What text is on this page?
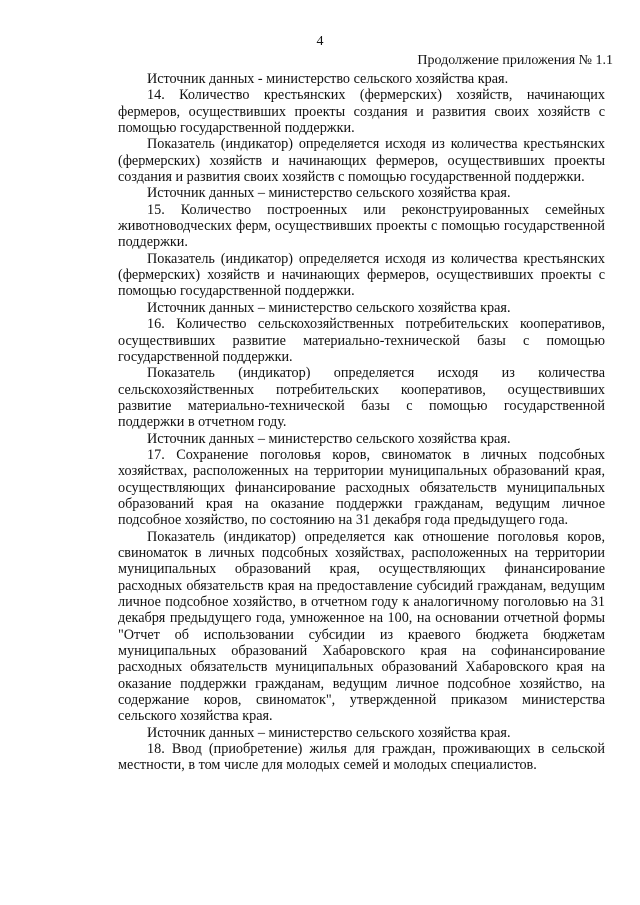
4
Продолжение приложения № 1.1

Источник данных - министерство сельского хозяйства края.

14. Количество крестьянских (фермерских) хозяйств, начинающих фермеров, осуществивших проекты создания и развития своих хозяйств с помощью государственной поддержки.

Показатель (индикатор) определяется исходя из количества крестьянских (фермерских) хозяйств и начинающих фермеров, осуществивших проекты создания и развития своих хозяйств с помощью государственной поддержки.

Источник данных – министерство сельского хозяйства края.

15. Количество построенных или реконструированных семейных животноводческих ферм, осуществивших проекты с помощью государственной поддержки.

Показатель (индикатор) определяется исходя из количества крестьянских (фермерских) хозяйств и начинающих фермеров, осуществивших проекты с помощью государственной поддержки.

Источник данных – министерство сельского хозяйства края.

16. Количество сельскохозяйственных потребительских кооперативов, осуществивших развитие материально-технической базы с помощью государственной поддержки.

Показатель (индикатор) определяется исходя из количества сельскохозяйственных потребительских кооперативов, осуществивших развитие материально-технической базы с помощью государственной поддержки в отчетном году.

Источник данных – министерство сельского хозяйства края.

17. Сохранение поголовья коров, свиноматок в личных подсобных хозяйствах, расположенных на территории муниципальных образований края, осуществляющих финансирование расходных обязательств муниципальных образований края на оказание поддержки гражданам, ведущим личное подсобное хозяйство, по состоянию на 31 декабря года предыдущего года.

Показатель (индикатор) определяется как отношение поголовья коров, свиноматок в личных подсобных хозяйствах, расположенных на территории муниципальных образований края, осуществляющих финансирование расходных обязательств края на предоставление субсидий гражданам, ведущим личное подсобное хозяйство, в отчетном году к аналогичному поголовью на 31 декабря предыдущего года, умноженное на 100, на основании отчетной формы "Отчет об использовании субсидии из краевого бюджета бюджетам муниципальных образований Хабаровского края на софинансирование расходных обязательств муниципальных образований Хабаровского края на оказание поддержки гражданам, ведущим личное подсобное хозяйство, на содержание коров, свиноматок", утвержденной приказом министерства сельского хозяйства края.

Источник данных – министерство сельского хозяйства края.

18. Ввод (приобретение) жилья для граждан, проживающих в сельской местности, в том числе для молодых семей и молодых специалистов.
